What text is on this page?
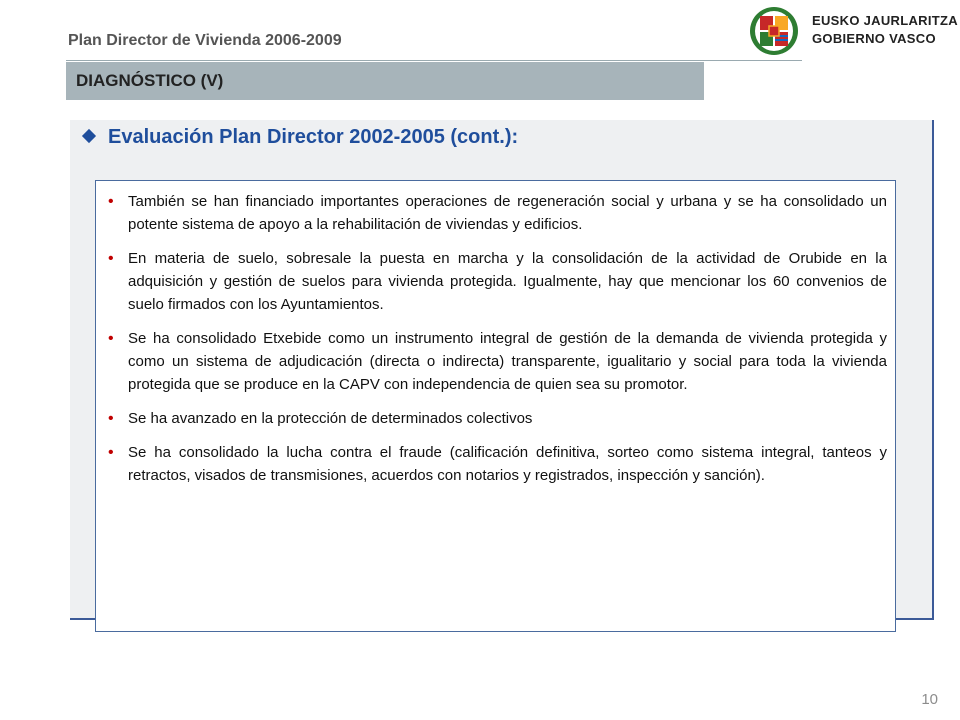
Plan Director de Vivienda 2006-2009
DIAGNÓSTICO (V)
EUSKO JAURLARITZA
GOBIERNO VASCO
Evaluación Plan Director 2002-2005 (cont.):
• También se han financiado importantes operaciones de regeneración social y urbana y se ha consolidado un potente sistema de apoyo a la rehabilitación de viviendas y edificios.
• En materia de suelo, sobresale la puesta en marcha y la consolidación de la actividad de Orubide en la adquisición y gestión de suelos para vivienda protegida. Igualmente, hay que mencionar los 60 convenios de suelo firmados con los Ayuntamientos.
• Se ha consolidado Etxebide como un instrumento integral de gestión de la demanda de vivienda protegida y como un sistema de adjudicación (directa o indirecta) transparente, igualitario y social para toda la vivienda protegida que se produce en la CAPV con independencia de quien sea su promotor.
• Se ha avanzado en la protección de determinados colectivos
• Se ha consolidado la lucha contra el fraude (calificación definitiva, sorteo como sistema integral, tanteos y retractos, visados de transmisiones, acuerdos con notarios y registrados, inspección y sanción).
10
